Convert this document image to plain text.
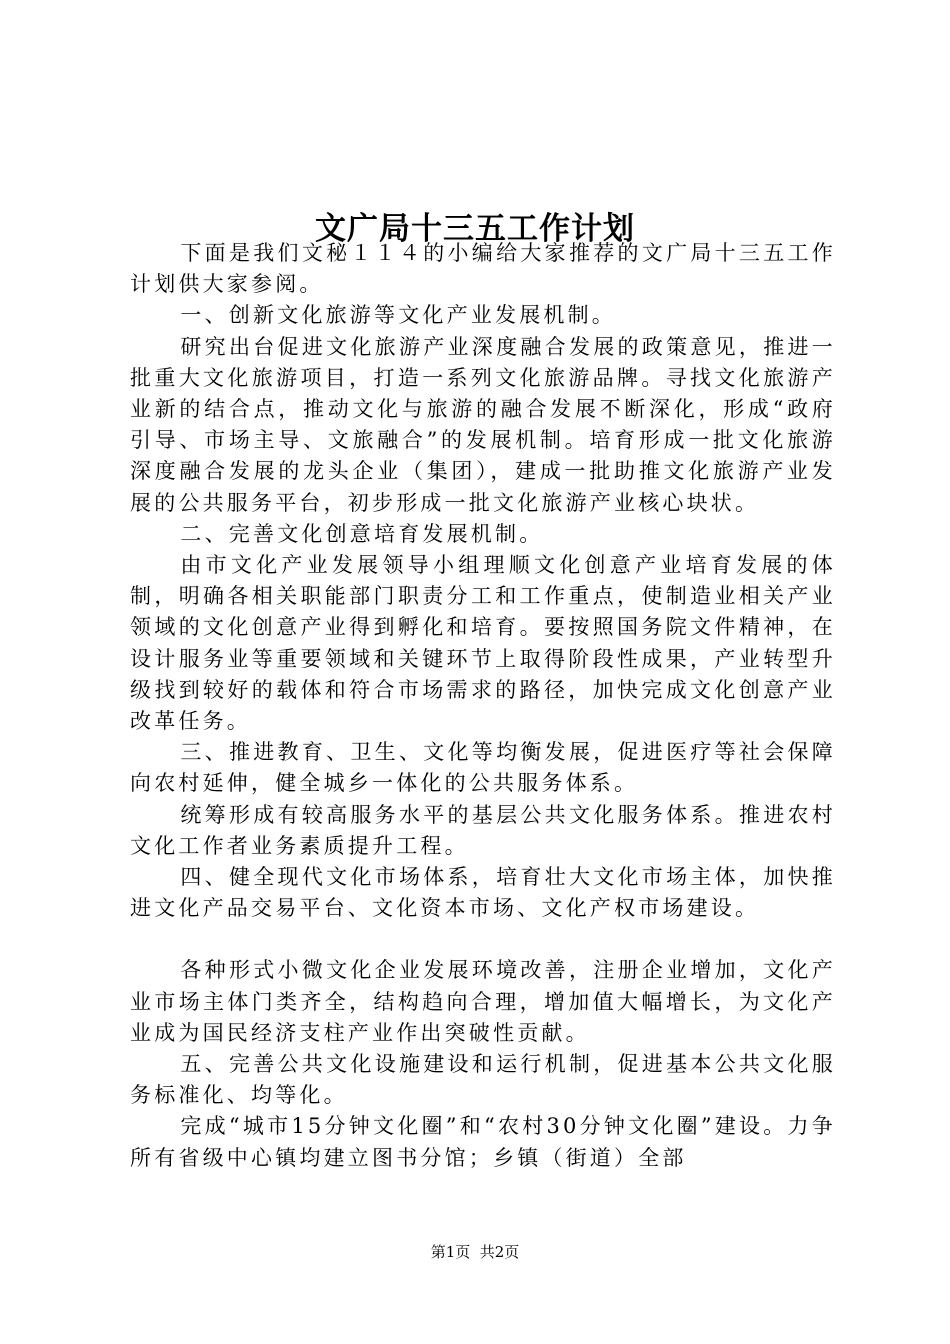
文广局十三五工作计划

下面是我们文秘１１４的小编给大家推荐的文广局十三五工作计划供大家参阅。

一、创新文化旅游等文化产业发展机制。

研究出台促进文化旅游产业深度融合发展的政策意见，推进一批重大文化旅游项目，打造一系列文化旅游品牌。寻找文化旅游产业新的结合点，推动文化与旅游的融合发展不断深化，形成“政府引导、市场主导、文旅融合”的发展机制。培育形成一批文化旅游深度融合发展的龙头企业（集团），建成一批助推文化旅游产业发展的公共服务平台，初步形成一批文化旅游产业核心块状。

二、完善文化创意培育发展机制。

由市文化产业发展领导小组理顺文化创意产业培育发展的体制，明确各相关职能部门职责分工和工作重点，使制造业相关产业领域的文化创意产业得到孵化和培育。要按照国务院文件精神，在设计服务业等重要领域和关键环节上取得阶段性成果，产业转型升级找到较好的载体和符合市场需求的路径，加快完成文化创意产业改革任务。

三、推进教育、卫生、文化等均衡发展，促进医疗等社会保障向农村延伸，健全城乡一体化的公共服务体系。

统筹形成有较高服务水平的基层公共文化服务体系。推进农村文化工作者业务素质提升工程。

四、健全现代文化市场体系，培育壮大文化市场主体，加快推进文化产品交易平台、文化资本市场、文化产权市场建设。

各种形式小微文化企业发展环境改善，注册企业增加，文化产业市场主体门类齐全，结构趋向合理，增加值大幅增长，为文化产业成为国民经济支柱产业作出突破性贡献。

五、完善公共文化设施建设和运行机制，促进基本公共文化服务标准化、均等化。

完成“城市15分钟文化圈”和“农村30分钟文化圈”建设。力争所有省级中心镇均建立图书分馆；乡镇（街道）全部

第1页  共2页
